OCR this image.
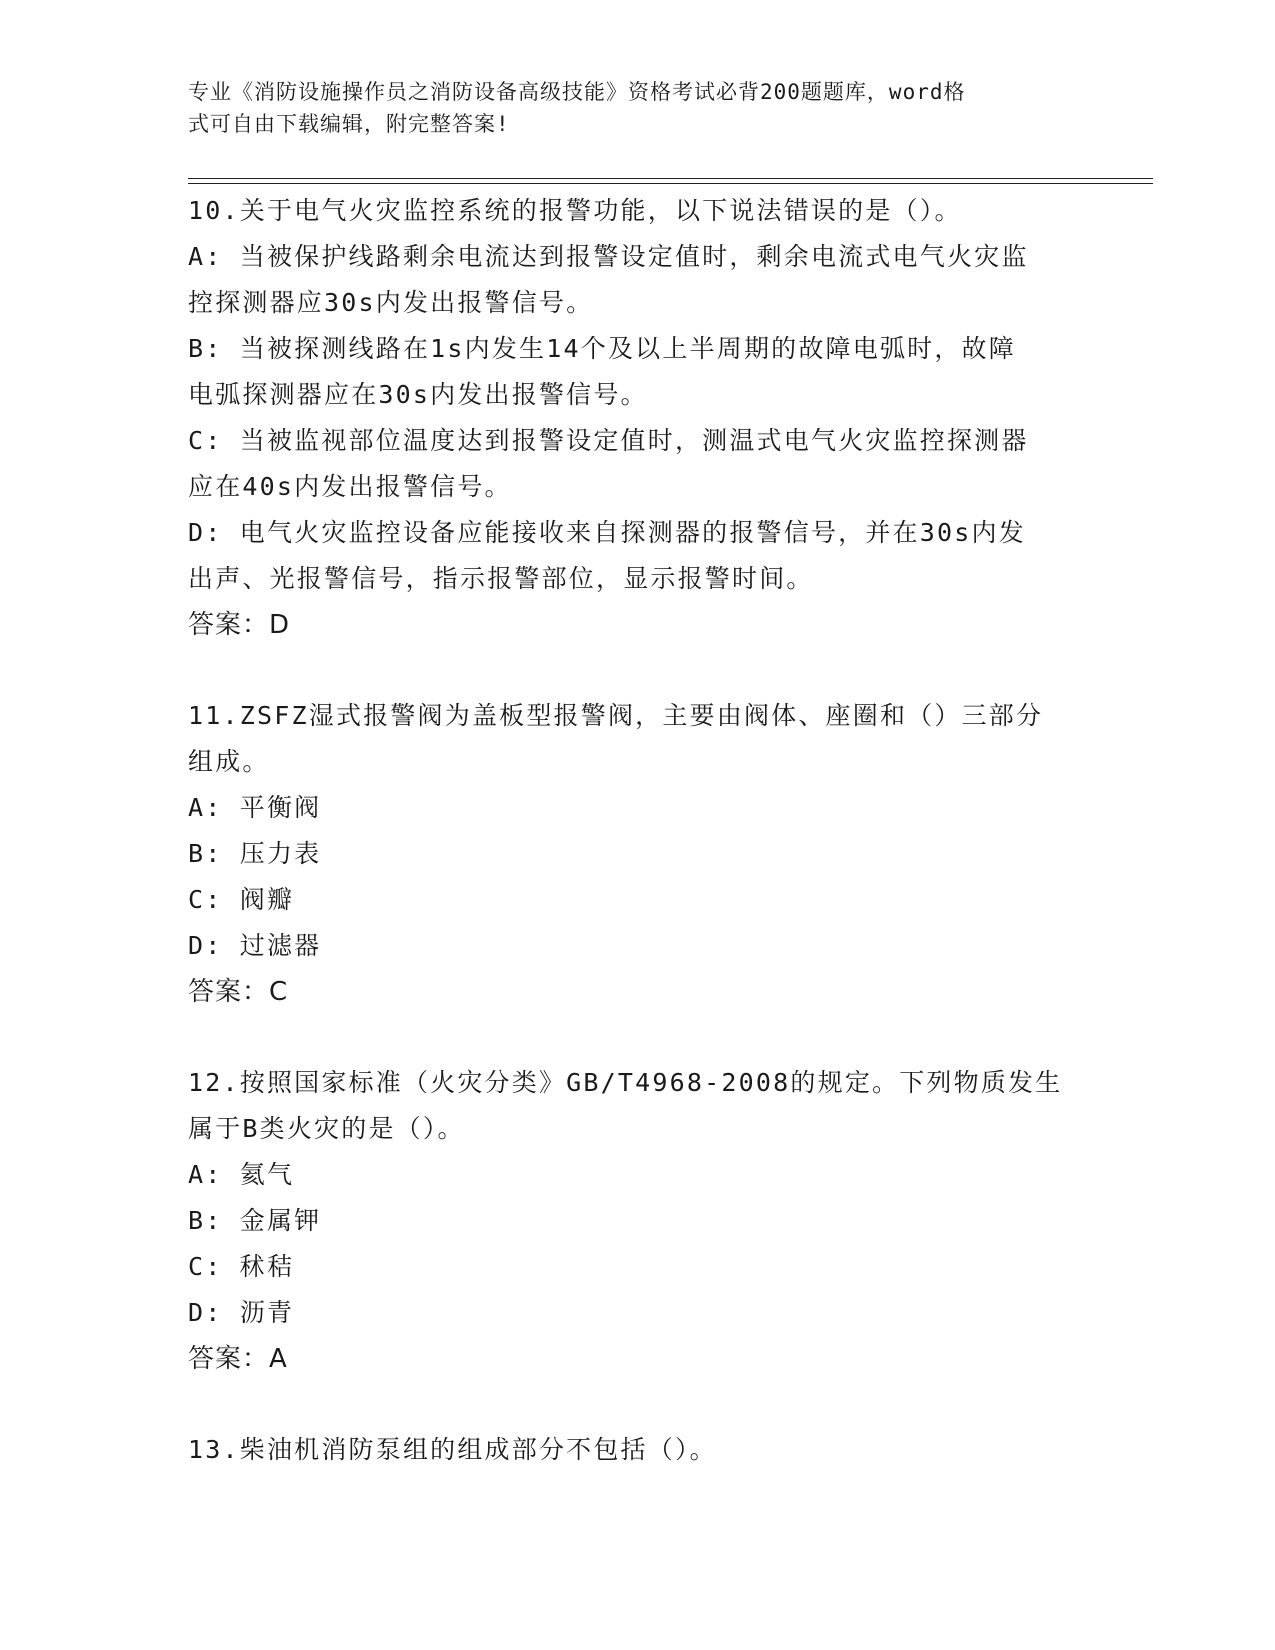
专业《消防设施操作员之消防设备高级技能》资格考试必背200题题库，word格
式可自由下载编辑，附完整答案!
10.关于电气火灾监控系统的报警功能，以下说法错误的是（）。
A: 当被保护线路剩余电流达到报警设定值时，剩余电流式电气火灾监
控探测器应30s内发出报警信号。
B: 当被探测线路在1s内发生14个及以上半周期的故障电弧时，故障
电弧探测器应在30s内发出报警信号。
C: 当被监视部位温度达到报警设定值时，测温式电气火灾监控探测器
应在40s内发出报警信号。
D: 电气火灾监控设备应能接收来自探测器的报警信号，并在30s内发
出声、光报警信号，指示报警部位，显示报警时间。
答案：D
11.ZSFZ湿式报警阀为盖板型报警阀，主要由阀体、座圈和（）三部分
组成。
A: 平衡阀
B: 压力表
C: 阀瓣
D: 过滤器
答案：C
12.按照国家标准（火灾分类》GB/T4968-2008的规定。下列物质发生
属于B类火灾的是（）。
A: 氦气
B: 金属钾
C: 秫秸
D: 沥青
答案：A
13.柴油机消防泵组的组成部分不包括（）。
